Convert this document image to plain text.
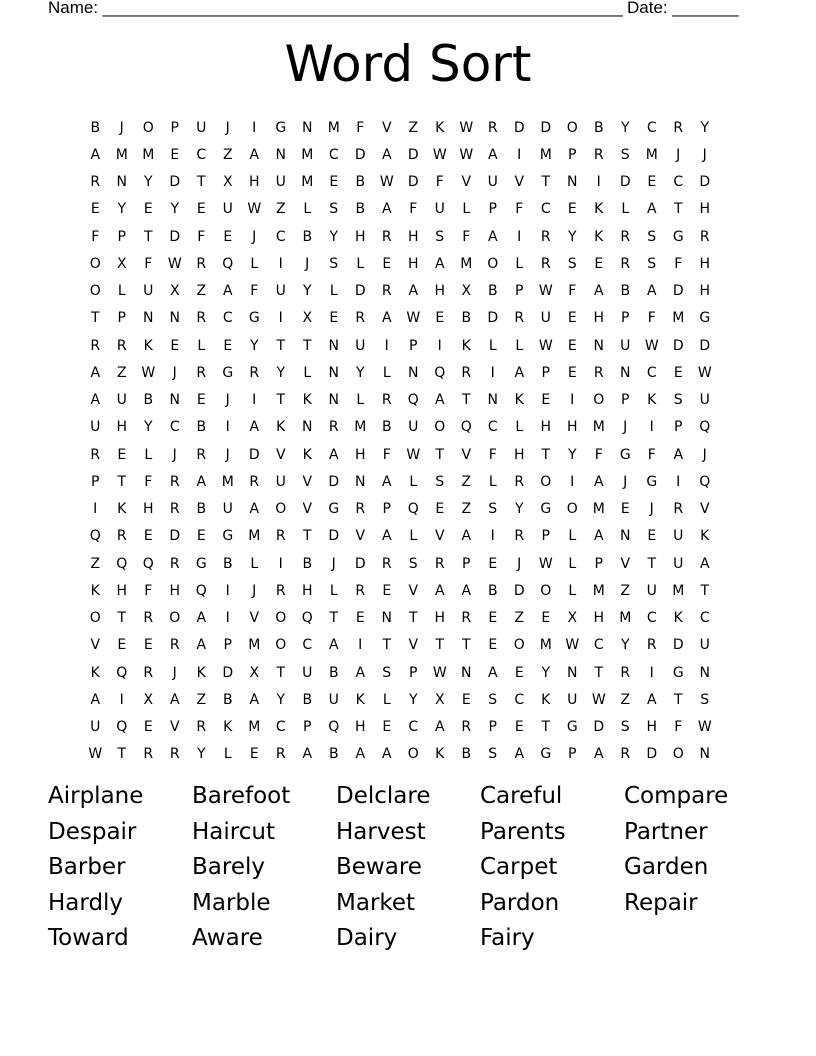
Name: _______________________________________________________ Date: _______
Word Sort
B	J	O	P	U	J	I	G	N	M	F	V	Z	K	W	R	D	D	O	B	Y	C	R	Y
A	M	M	E	C	Z	A	N	M	C	D	A	D	W W	A	I	M	P	R	S	M	J	J
R	N	Y	D	T	X	H	U	M	E	B	W	D	F	V	U	V	T	N	I	D	E	C	D
E	Y	E	Y	E	U	W	Z	L	S	B	A	F	U	L	P	F	C	E	K	L	A	T	H
F	P	T	D	F	E	J	C	B	Y	H	R	H	S	F	A	I	R	Y	K	R	S	G	R
O	X	F	W	R	Q	L	I	J	S	L	E	H	A	M	O	L	R	S	E	R	S	F	H
O	L	U	X	Z	A	F	U	Y	L	D	R	A	H	X	B	P	W	F	A	B	A	D	H
T	P	N	N	R	C	G	I	X	E	R	A	W	E	B	D	R	U	E	H	P	F	M	G
R	R	K	E	L	E	Y	T	T	N	U	I	P	I	K	L	L	W	E	N	U	W	D	D
A	Z	W	J	R	G	R	Y	L	N	Y	L	N	Q	R	I	A	P	E	R	N	C	E	W
A	U	B	N	E	J	I	T	K	N	L	R	Q	A	T	N	K	E	I	O	P	K	S	U
U	H	Y	C	B	I	A	K	N	R	M	B	U	O	Q	C	L	H	H	M	J	I	P	Q
R	E	L	J	R	J	D	V	K	A	H	F	W	T	V	F	H	T	Y	F	G	F	A	J
P	T	F	R	A	M	R	U	V	D	N	A	L	S	Z	L	R	O	I	A	J	G	I	Q
I	K	H	R	B	U	A	O	V	G	R	P	Q	E	Z	S	Y	G	O	M	E	J	R	V
Q	R	E	D	E	G	M	R	T	D	V	A	L	V	A	I	R	P	L	A	N	E	U	K
Z	Q	Q	R	G	B	L	I	B	J	D	R	S	R	P	E	J	W	L	P	V	T	U	A
K	H	F	H	Q	I	J	R	H	L	R	E	V	A	A	B	D	O	L	M	Z	U	M	T
O	T	R	O	A	I	V	O	Q	T	E	N	T	H	R	E	Z	E	X	H	M	C	K	C
V	E	E	R	A	P	M	O	C	A	I	T	V	T	T	E	O	M W	C	Y	R	D	U
K	Q	R	J	K	D	X	T	U	B	A	S	P	W	N	A	E	Y	N	T	R	I	G	N
A	I	X	A	Z	B	A	Y	B	U	K	L	Y	X	E	S	C	K	U	W	Z	A	T	S
U	Q	E	V	R	K	M	C	P	Q	H	E	C	A	R	P	E	T	G	D	S	H	F	W
W	T	R	R	Y	L	E	R	A	B	A	A	O	K	B	S	A	G	P	A	R	D	O	N
Airplane	Barefoot	Delclare	Careful	Compare
Despair	Haircut	Harvest	Parents	Partner
Barber	Barely	Beware	Carpet	Garden
Hardly	Marble	Market	Pardon	Repair
Toward	Aware	Dairy	Fairy
